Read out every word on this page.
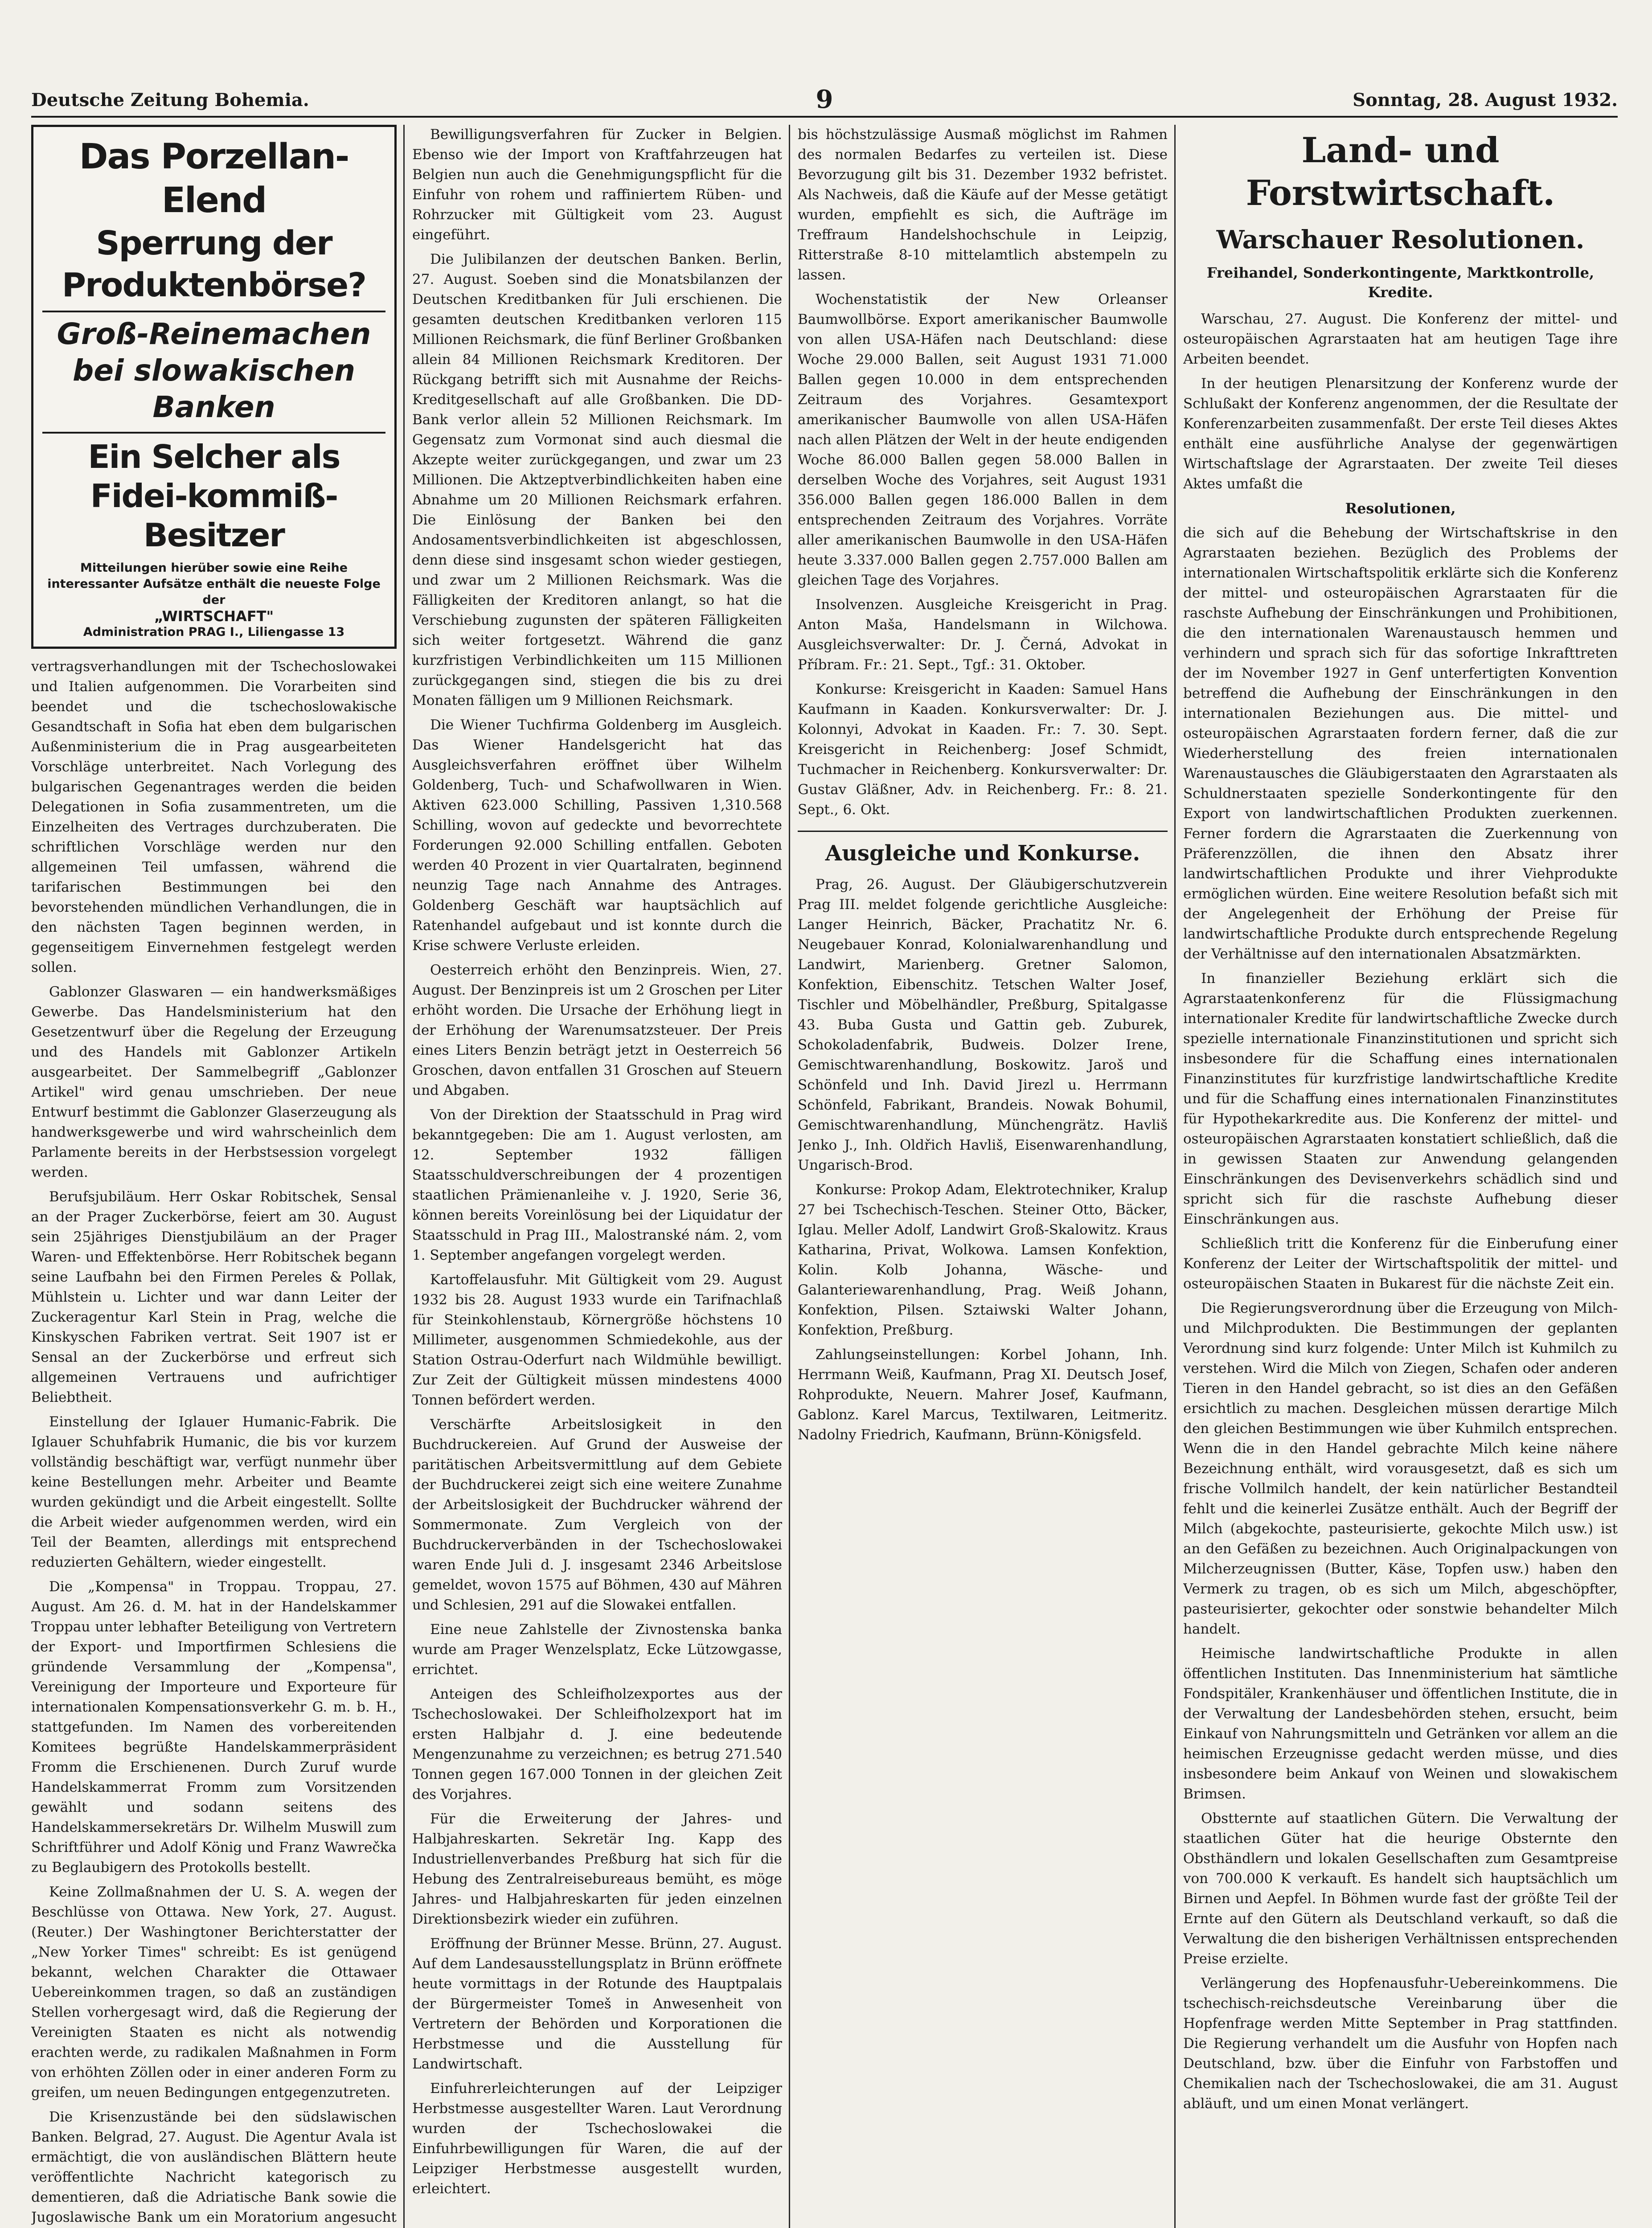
Deutsche Zeitung Bohemia.	9	Sonntag, 28. August 1932.
Das Porzellan-Elend
Sperrung der Produktenbörse?
Groß-Reinemachen bei slowakischen Banken
Ein Selcher als Fidei-kommiß-Besitzer
Mitteilungen hierüber sowie eine Reihe interessanter Aufsätze enthält die neueste Folge der
„WIRTSCHAFT"
Administration PRAG I., Liliengasse 13

vertragsverhandlungen mit der Tschechoslowakei und Italien aufgenommen. Die Vorarbeiten sind beendet und die tschechoslowakische Gesandtschaft in Sofia hat eben dem bulgarischen Außenministerium die in Prag ausgearbeiteten Vorschläge unterbreitet. Nach Vorlegung des bulgarischen Gegenantrages werden die beiden Delegationen in Sofia zusammentreten, um die Einzelheiten des Vertrages durchzuberaten. Die schriftlichen Vorschläge werden nur den allgemeinen Teil umfassen, während die tarifarischen Bestimmungen bei den bevorstehenden mündlichen Verhandlungen, die in den nächsten Tagen beginnen werden, in gegenseitigem Einvernehmen festgelegt werden sollen.

Gablonzer Glaswaren — ein handwerksmäßiges Gewerbe. Das Handelsministerium hat den Gesetzentwurf über die Regelung der Erzeugung und des Handels mit Gablonzer Artikeln ausgearbeitet. Der Sammelbegriff „Gablonzer Artikel" wird genau umschrieben. Der neue Entwurf bestimmt die Gablonzer Glaserzeugung als handwerksgewerbe und wird wahrscheinlich dem Parlamente bereits in der Herbstsession vorgelegt werden.

Berufsjubiläum. Herr Oskar Robitschek, Sensal an der Prager Zuckerbörse, feiert am 30. August sein 25jähriges Dienstjubiläum an der Prager Waren- und Effektenbörse. Herr Robitschek begann seine Laufbahn bei den Firmen Pereles & Pollak, Mühlstein u. Lichter und war dann Leiter der Zuckeragentur Karl Stein in Prag, welche die Kinskyschen Fabriken vertrat. Seit 1907 ist er Sensal an der Zuckerbörse und erfreut sich allgemeinen Vertrauens und aufrichtiger Beliebtheit.

Einstellung der Iglauer Humanic-Fabrik. Die Iglauer Schuhfabrik Humanic, die bis vor kurzem vollständig beschäftigt war, verfügt nunmehr über keine Bestellungen mehr. Arbeiter und Beamte wurden gekündigt und die Arbeit eingestellt. Sollte die Arbeit wieder aufgenommen werden, wird ein Teil der Beamten, allerdings mit entsprechend reduzierten Gehältern, wieder eingestellt.

Die „Kompensa" in Troppau. Troppau, 27. August. Am 26. d. M. hat in der Handelskammer Troppau unter lebhafter Beteiligung von Vertretern der Export- und Importfirmen Schlesiens die gründende Versammlung der „Kompensa", Vereinigung der Importeure und Exporteure für internationalen Kompensationsverkehr G. m. b. H., stattgefunden. Im Namen des vorbereitenden Komitees begrüßte Handelskammerpräsident Fromm die Erschienenen. Durch Zuruf wurde Handelskammerrat Fromm zum Vorsitzenden gewählt und sodann seitens des Handelskammersekretärs Dr. Wilhelm Muswill zum Schriftführer und Adolf König und Franz Wawrečka zu Beglaubigern des Protokolls bestellt.

Keine Zollmaßnahmen der U. S. A. wegen der Beschlüsse von Ottawa. New York, 27. August. (Reuter.) Der Washingtoner Berichterstatter der „New Yorker Times" schreibt: Es ist genügend bekannt, welchen Charakter die Ottawaer Uebereinkommen tragen, so daß an zuständigen Stellen vorhergesagt wird, daß die Regierung der Vereinigten Staaten es nicht als notwendig erachten werde, zu radikalen Maßnahmen in Form von erhöhten Zöllen oder in einer anderen Form zu greifen, um neuen Bedingungen entgegenzutreten.

Die Krisenzustände bei den südslawischen Banken. Belgrad, 27. August. Die Agentur Avala ist ermächtigt, die von ausländischen Blättern heute veröffentlichte Nachricht kategorisch zu dementieren, daß die Adriatische Bank sowie die Jugoslawische Bank um ein Moratorium angesucht

Bewilligungsverfahren für Zucker in Belgien. Ebenso wie der Import von Kraftfahrzeugen hat Belgien nun auch die Genehmigungspflicht für die Einfuhr von rohem und raffiniertem Rüben- und Rohrzucker mit Gültigkeit vom 23. August eingeführt.

Die Julibilanzen der deutschen Banken. Berlin, 27. August. Soeben sind die Monatsbilanzen der Deutschen Kreditbanken für Juli erschienen. Die gesamten deutschen Kreditbanken verloren 115 Millionen Reichsmark, die fünf Berliner Großbanken allein 84 Millionen Reichsmark Kreditoren. Der Rückgang betrifft sich mit Ausnahme der Reichs-Kreditgesellschaft auf alle Großbanken. Die DD-Bank verlor allein 52 Millionen Reichsmark. Im Gegensatz zum Vormonat sind auch diesmal die Akzepte weiter zurückgegangen, und zwar um 23 Millionen. Die Aktzeptverbindlichkeiten haben eine Abnahme um 20 Millionen Reichsmark erfahren. Die Einlösung der Banken bei den Andosamentsverbindlichkeiten ist abgeschlossen, denn diese sind insgesamt schon wieder gestiegen, und zwar um 2 Millionen Reichsmark. Was die Fälligkeiten der Kreditoren anlangt, so hat die Verschiebung zugunsten der späteren Fälligkeiten sich weiter fortgesetzt. Während die ganz kurzfristigen Verbindlichkeiten um 115 Millionen zurückgegangen sind, stiegen die bis zu drei Monaten fälligen um 9 Millionen Reichsmark.

Die Wiener Tuchfirma Goldenberg im Ausgleich. Das Wiener Handelsgericht hat das Ausgleichsverfahren eröffnet über Wilhelm Goldenberg, Tuch- und Schafwollwaren in Wien. Aktiven 623.000 Schilling, Passiven 1,310.568 Schilling, wovon auf gedeckte und bevorrechtete Forderungen 92.000 Schilling entfallen. Geboten werden 40 Prozent in vier Quartalraten, beginnend neunzig Tage nach Annahme des Antrages. Goldenberg Geschäft war hauptsächlich auf Ratenhandel aufgebaut und ist konnte durch die Krise schwere Verluste erleiden.

Oesterreich erhöht den Benzinpreis. Wien, 27. August. Der Benzinpreis ist um 2 Groschen per Liter erhöht worden. Die Ursache der Erhöhung liegt in der Erhöhung der Warenumsatzsteuer. Der Preis eines Liters Benzin beträgt jetzt in Oesterreich 56 Groschen, davon entfallen 31 Groschen auf Steuern und Abgaben.

Von der Direktion der Staatsschuld in Prag wird bekanntgegeben: Die am 1. August verlosten, am 12. September 1932 fälligen Staatsschuldverschreibungen der 4 prozentigen staatlichen Prämienanleihe v. J. 1920, Serie 36, können bereits Voreinlösung bei der Liquidatur der Staatsschuld in Prag III., Malostranské nám. 2, vom 1. September angefangen vorgelegt werden.

Kartoffelausfuhr. Mit Gültigkeit vom 29. August 1932 bis 28. August 1933 wurde ein Tarifnachlaß für Steinkohlenstaub, Körnergröße höchstens 10 Millimeter, ausgenommen Schmiedekohle, aus der Station Ostrau-Oderfurt nach Wildmühle bewilligt. Zur Zeit der Gültigkeit müssen mindestens 4000 Tonnen befördert werden.

Verschärfte Arbeitslosigkeit in den Buchdruckereien. Auf Grund der Ausweise der paritätischen Arbeitsvermittlung auf dem Gebiete der Buchdruckerei zeigt sich eine weitere Zunahme der Arbeitslosigkeit der Buchdrucker während der Sommermonate. Zum Vergleich von der Buchdruckerverbänden in der Tschechoslowakei waren Ende Juli d. J. insgesamt 2346 Arbeitslose gemeldet, wovon 1575 auf Böhmen, 430 auf Mähren und Schlesien, 291 auf die Slowakei entfallen.

Eine neue Zahlstelle der Zivnostenska banka wurde am Prager Wenzelsplatz, Ecke Lützowgasse, errichtet.

Anteigen des Schleifholzexportes aus der Tschechoslowakei. Der Schleifholzexport hat im ersten Halbjahr d. J. eine bedeutende Mengenzunahme zu verzeichnen; es betrug 271.540 Tonnen gegen 167.000 Tonnen in der gleichen Zeit des Vorjahres.

Für die Erweiterung der Jahres- und Halbjahreskarten. Sekretär Ing. Kapp des Industriellenverbandes Preßburg hat sich für die Hebung des Zentralreisebureaus bemüht, es möge Jahres- und Halbjahreskarten für jeden einzelnen Direktionsbezirk wieder ein zuführen.

Eröffnung der Brünner Messe. Brünn, 27. August. Auf dem Landesausstellungsplatz in Brünn eröffnete heute vormittags in der Rotunde des Hauptpalais der Bürgermeister Tomeš in Anwesenheit von Vertretern der Behörden und Korporationen die Herbstmesse und die Ausstellung für Landwirtschaft.

Einfuhrerleichterungen auf der Leipziger Herbstmesse ausgestellter Waren. Laut Verordnung wurden der Tschechoslowakei die Einfuhrbewilligungen für Waren, die auf der Leipziger Herbstmesse ausgestellt wurden, erleichtert.

bis höchstzulässige Ausmaß möglichst im Rahmen des normalen Bedarfes zu verteilen ist. Diese Bevorzugung gilt bis 31. Dezember 1932 befristet. Als Nachweis, daß die Käufe auf der Messe getätigt wurden, empfiehlt es sich, die Aufträge im Treffraum Handelshochschule in Leipzig, Ritterstraße 8-10 mittelamtlich abstempeln zu lassen.

Wochenstatistik der New Orleanser Baumwollbörse. Export amerikanischer Baumwolle von allen USA-Häfen nach Deutschland: diese Woche 29.000 Ballen, seit August 1931 71.000 Ballen gegen 10.000 in dem entsprechenden Zeitraum des Vorjahres. Gesamtexport amerikanischer Baumwolle von allen USA-Häfen nach allen Plätzen der Welt in der heute endigenden Woche 86.000 Ballen gegen 58.000 Ballen in derselben Woche des Vorjahres, seit August 1931 356.000 Ballen gegen 186.000 Ballen in dem entsprechenden Zeitraum des Vorjahres. Vorräte aller amerikanischen Baumwolle in den USA-Häfen heute 3.337.000 Ballen gegen 2.757.000 Ballen am gleichen Tage des Vorjahres.

Insolvenzen. Ausgleiche Kreisgericht in Prag. Anton Maša, Handelsmann in Wilchowa. Ausgleichsverwalter: Dr. J. Černá, Advokat in Příbram. Fr.: 21. Sept., Tgf.: 31. Oktober.

Konkurse: Kreisgericht in Kaaden: Samuel Hans Kaufmann in Kaaden. Konkursverwalter: Dr. J. Kolonnyi, Advokat in Kaaden. Fr.: 7. 30. Sept. Kreisgericht in Reichenberg: Josef Schmidt, Tuchmacher in Reichenberg. Konkursverwalter: Dr. Gustav Gläßner, Adv. in Reichenberg. Fr.: 8. 21. Sept., 6. Okt.

Ausgleiche und Konkurse.

Prag, 26. August. Der Gläubigerschutzverein Prag III. meldet folgende gerichtliche Ausgleiche: Langer Heinrich, Bäcker, Prachatitz Nr. 6. Neugebauer Konrad, Kolonialwarenhandlung und Landwirt, Marienberg. Gretner Salomon, Konfektion, Eibenschitz. Tetschen Walter Josef, Tischler und Möbelhändler, Preßburg, Spitalgasse 43. Buba Gusta und Gattin geb. Zuburek, Schokoladenfabrik, Budweis. Dolzer Irene, Gemischtwarenhandlung, Boskowitz. Jaroš und Schönfeld und Inh. David Jirezl u. Herrmann Schönfeld, Fabrikant, Brandeis. Nowak Bohumil, Gemischtwarenhandlung, Münchengrätz. Havliš Jenko J., Inh. Oldřich Havliš, Eisenwarenhandlung, Ungarisch-Brod.

Konkurse: Prokop Adam, Elektrotechniker, Kralup 27 bei Tschechisch-Teschen. Steiner Otto, Bäcker, Iglau. Meller Adolf, Landwirt Groß-Skalowitz. Kraus Katharina, Privat, Wolkowa. Lamsen Konfektion, Kolin. Kolb Johanna, Wäsche- und Galanteriewarenhandlung, Prag. Weiß Johann, Konfektion, Pilsen. Sztaiwski Walter Johann, Konfektion, Preßburg.

Zahlungseinstellungen: Korbel Johann, Inh. Herrmann Weiß, Kaufmann, Prag XI. Deutsch Josef, Rohprodukte, Neuern. Mahrer Josef, Kaufmann, Gablonz. Karel Marcus, Textilwaren, Leitmeritz. Nadolny Friedrich, Kaufmann, Brünn-Königsfeld.

Land- und Forstwirtschaft.
Warschauer Resolutionen.
Freihandel, Sonderkontingente, Marktkontrolle, Kredite.

Warschau, 27. August. Die Konferenz der mittel- und osteuropäischen Agrarstaaten hat am heutigen Tage ihre Arbeiten beendet.

In der heutigen Plenarsitzung der Konferenz wurde der Schlußakt der Konferenz angenommen, der die Resultate der Konferenzarbeiten zusammenfaßt. Der erste Teil dieses Aktes enthält eine ausführliche Analyse der gegenwärtigen Wirtschaftslage der Agrarstaaten. Der zweite Teil dieses Aktes umfaßt die

Resolutionen,

die sich auf die Behebung der Wirtschaftskrise in den Agrarstaaten beziehen. Bezüglich des Problems der internationalen Wirtschaftspolitik erklärte sich die Konferenz der mittel- und osteuropäischen Agrarstaaten für die raschste Aufhebung der Einschränkungen und Prohibitionen, die den internationalen Warenaustausch hemmen und verhindern und sprach sich für das sofortige Inkrafttreten der im November 1927 in Genf unterfertigten Konvention betreffend die Aufhebung der Einschränkungen in den internationalen Beziehungen aus. Die mittel- und osteuropäischen Agrarstaaten fordern ferner, daß die zur Wiederherstellung des freien internationalen Warenaustausches die Gläubigerstaaten den Agrarstaaten als Schuldnerstaaten spezielle Sonderkontingente für den Export von landwirtschaftlichen Produkten zuerkennen. Ferner fordern die Agrarstaaten die Zuerkennung von Präferenzzöllen, die ihnen den Absatz ihrer landwirtschaftlichen Produkte und ihrer Viehprodukte ermöglichen würden. Eine weitere Resolution befaßt sich mit der Angelegenheit der Erhöhung der Preise für landwirtschaftliche Produkte durch entsprechende Regelung der Verhältnisse auf den internationalen Absatzmärkten.

In finanzieller Beziehung erklärt sich die Agrarstaatenkonferenz für die Flüssigmachung internationaler Kredite für landwirtschaftliche Zwecke durch spezielle internationale Finanzinstitutionen und spricht sich insbesondere für die Schaffung eines internationalen Finanzinstitutes für kurzfristige landwirtschaftliche Kredite und für die Schaffung eines internationalen Finanzinstitutes für Hypothekarkredite aus. Die Konferenz der mittel- und osteuropäischen Agrarstaaten konstatiert schließlich, daß die in gewissen Staaten zur Anwendung gelangenden Einschränkungen des Devisenverkehrs schädlich sind und spricht sich für die raschste Aufhebung dieser Einschränkungen aus.

Schließlich tritt die Konferenz für die Einberufung einer Konferenz der Leiter der Wirtschaftspolitik der mittel- und osteuropäischen Staaten in Bukarest für die nächste Zeit ein.

Die Regierungsverordnung über die Erzeugung von Milch- und Milchprodukten. Die Bestimmungen der geplanten Verordnung sind kurz folgende: Unter Milch ist Kuhmilch zu verstehen. Wird die Milch von Ziegen, Schafen oder anderen Tieren in den Handel gebracht, so ist dies an den Gefäßen ersichtlich zu machen. Desgleichen müssen derartige Milch den gleichen Bestimmungen wie über Kuhmilch entsprechen. Wenn die in den Handel gebrachte Milch keine nähere Bezeichnung enthält, wird vorausgesetzt, daß es sich um frische Vollmilch handelt, der kein natürlicher Bestandteil fehlt und die keinerlei Zusätze enthält. Auch der Begriff der Milch (abgekochte, pasteurisierte, gekochte Milch usw.) ist an den Gefäßen zu bezeichnen. Auch Originalpackungen von Milcherzeugnissen (Butter, Käse, Topfen usw.) haben den Vermerk zu tragen, ob es sich um Milch, abgeschöpfter, pasteurisierter, gekochter oder sonstwie behandelter Milch handelt.

Heimische landwirtschaftliche Produkte in allen öffentlichen Instituten. Das Innenministerium hat sämtliche Fondspitäler, Krankenhäuser und öffentlichen Institute, die in der Verwaltung der Landesbehörden stehen, ersucht, beim Einkauf von Nahrungsmitteln und Getränken vor allem an die heimischen Erzeugnisse gedacht werden müsse, und dies insbesondere beim Ankauf von Weinen und slowakischem Brimsen.

Obstternte auf staatlichen Gütern. Die Verwaltung der staatlichen Güter hat die heurige Obsternte den Obsthändlern und lokalen Gesellschaften zum Gesamtpreise von 700.000 K verkauft. Es handelt sich hauptsächlich um Birnen und Aepfel. In Böhmen wurde fast der größte Teil der Ernte auf den Gütern als Deutschland verkauft, so daß die Verwaltung die den bisherigen Verhältnissen entsprechenden Preise erzielte.

Verlängerung des Hopfenausfuhr-Uebereinkommens. Die tschechisch-reichsdeutsche Vereinbarung über die Hopfenfrage werden Mitte September in Prag stattfinden. Die Regierung verhandelt um die Ausfuhr von Hopfen nach Deutschland, bzw. über die Einfuhr von Farbstoffen und Chemikalien nach der Tschechoslowakei, die am 31. August abläuft, und um einen Monat verlängert.
